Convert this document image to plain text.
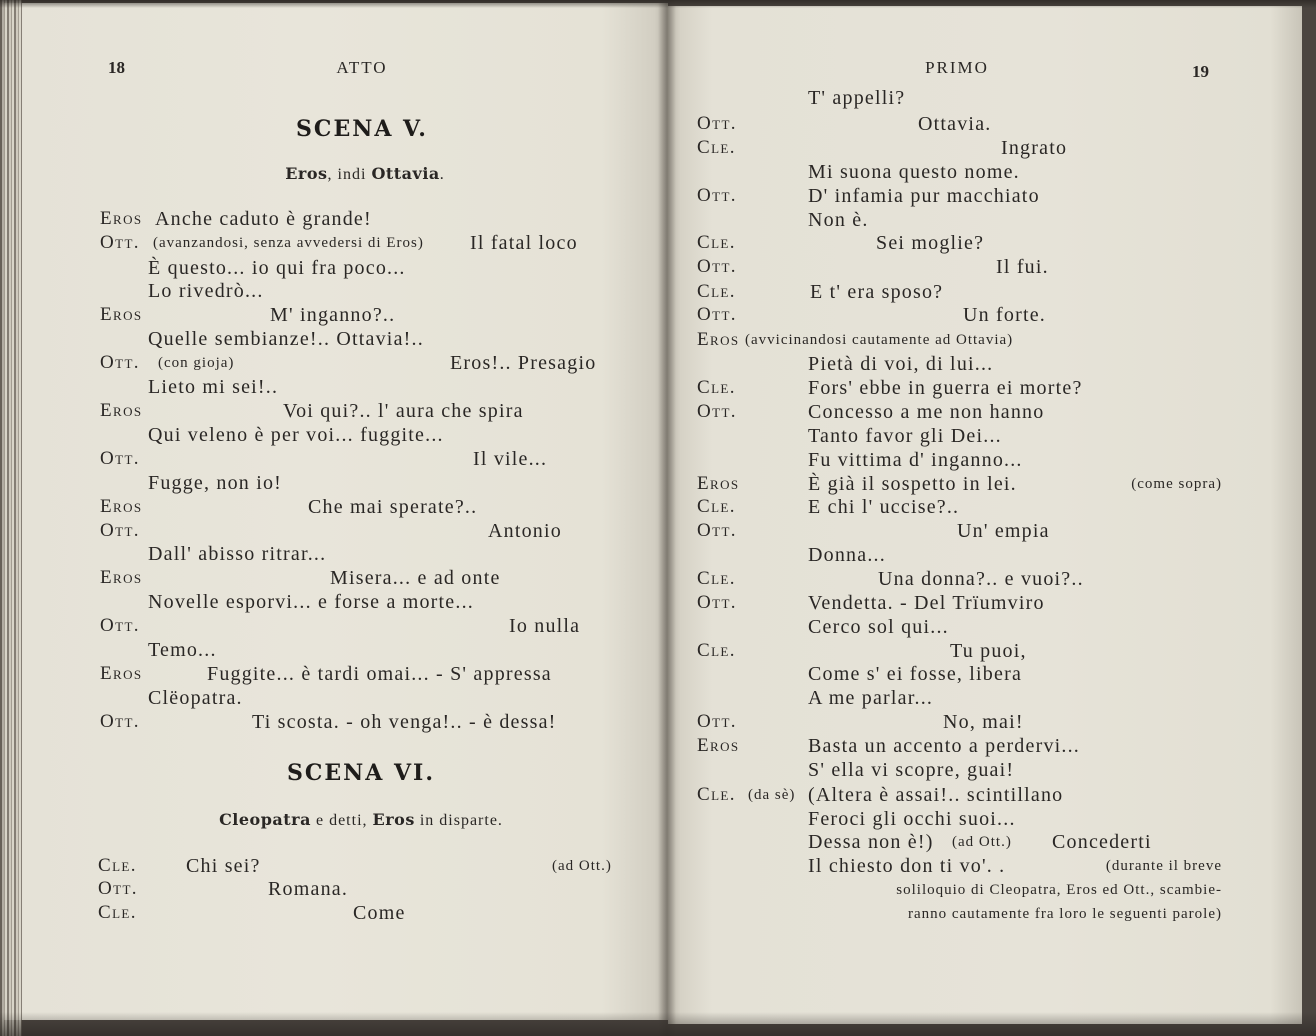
18	ATTO
SCENA V.
Eros, indi Ottavia.
Eros Anche caduto è grande!
Ott. (avanzandosi, senza avvedersi di Eros) Il fatal loco
È questo... io qui fra poco...
Lo rivedrò...
Eros	M' inganno?..
Quelle sembianze!.. Ottavia!..
Ott. (con gioja)	Eros!.. Presagio
Lieto mi sei!..
Eros	Voi qui?.. l' aura che spira
Qui veleno è per voi... fuggite...
Ott.	Il vile...
Fugge, non io!
Eros	Che mai sperate?..
Ott.	Antonio
Dall' abisso ritrar...
Eros	Misera... e ad onte
Novelle esporvi... e forse a morte...
Ott.	Io nulla
Temo...
Eros	Fuggite... è tardi omai... - S' appressa
Clëopatra.
Ott.	Ti scosta. - oh venga!.. - è dessa!
SCENA VI.
Cleopatra e detti, Eros in disparte.
Cle. Chi sei?	(ad Ott.)
Ott.	Romana.
Cle.	Come
PRIMO	19
T' appelli?
Ott.	Ottavia.
Cle.	Ingrato
Mi suona questo nome.
Ott.	D' infamia pur macchiato
Non è.
Cle.	Sei moglie?
Ott.	Il fui.
Cle.	E t' era sposo?
Ott.	Un forte.
Eros (avvicinandosi cautamente ad Ottavia)
Pietà di voi, di lui...
Cle.	Fors' ebbe in guerra ei morte?
Ott.	Concesso a me non hanno
Tanto favor gli Dei...
Fu vittima d' inganno...
Eros	È già il sospetto in lei.	(come sopra)
Cle.	E chi l' uccise?..
Ott.	Un' empia
Donna...
Cle.	Una donna?.. e vuoi?..
Ott.	Vendetta. - Del Trïumviro
Cerco sol qui...
Cle.	Tu puoi,
Come s' ei fosse, libera
A me parlar...
Ott.	No, mai!
Eros	Basta un accento a perdervi...
S' ella vi scopre, guai!
Cle. (da sè) (Altera è assai!.. scintillano
Feroci gli occhi suoi...
Dessa non è!) (ad Ott.) Concederti
Il chiesto don ti vo'. .	(durante il breve
soliloquio di Cleopatra, Eros ed Ott., scambie-
ranno cautamente fra loro le seguenti parole)
